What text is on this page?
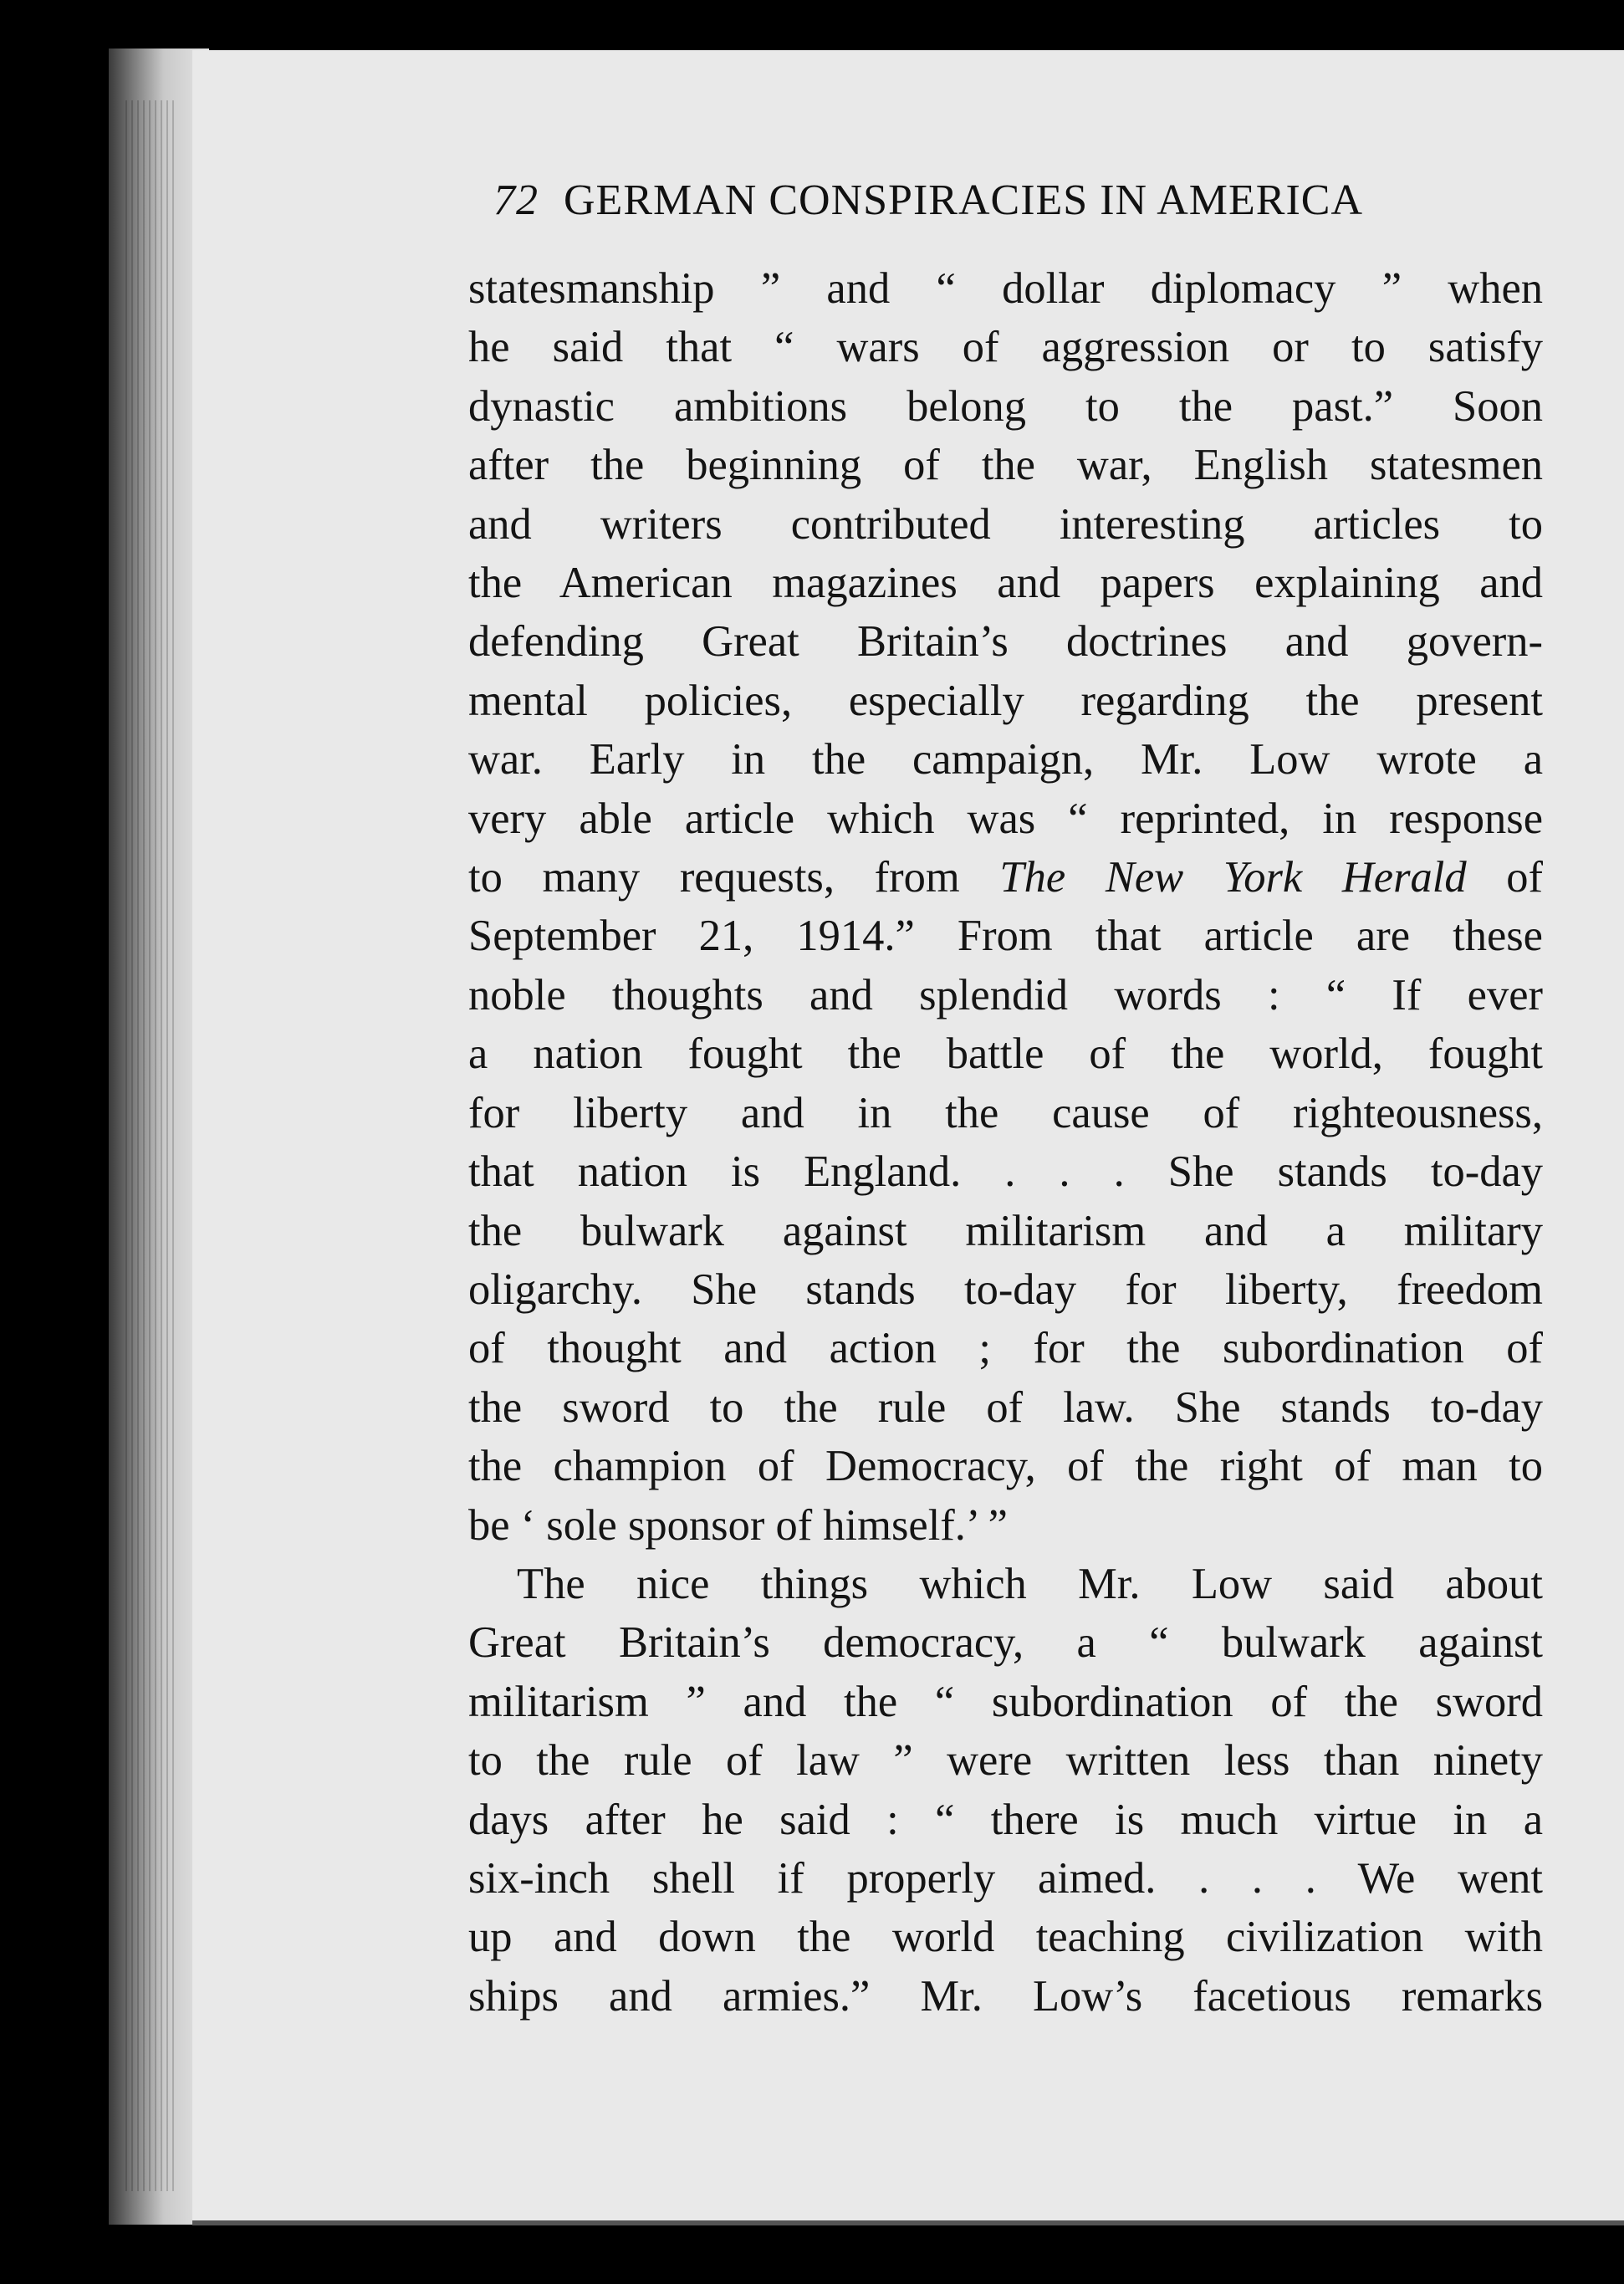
72 GERMAN CONSPIRACIES IN AMERICA
statesmanship ” and “ dollar diplomacy ” when
he said that “ wars of aggression or to satisfy
dynastic ambitions belong to the past.” Soon
after the beginning of the war, English statesmen
and writers contributed interesting articles to
the American magazines and papers explaining and
defending Great Britain’s doctrines and govern-
mental policies, especially regarding the present
war. Early in the campaign, Mr. Low wrote a
very able article which was “ reprinted, in response
to many requests, from The New York Herald of
September 21, 1914.” From that article are these
noble thoughts and splendid words : “ If ever
a nation fought the battle of the world, fought
for liberty and in the cause of righteousness,
that nation is England. . . . She stands to-day
the bulwark against militarism and a military
oligarchy. She stands to-day for liberty, freedom
of thought and action ; for the subordination of
the sword to the rule of law. She stands to-day
the champion of Democracy, of the right of man to
be ‘ sole sponsor of himself.’ ”
The nice things which Mr. Low said about
Great Britain’s democracy, a “ bulwark against
militarism ” and the “ subordination of the sword
to the rule of law ” were written less than ninety
days after he said : “ there is much virtue in a
six-inch shell if properly aimed. . . . We went
up and down the world teaching civilization with
ships and armies.” Mr. Low’s facetious remarks
